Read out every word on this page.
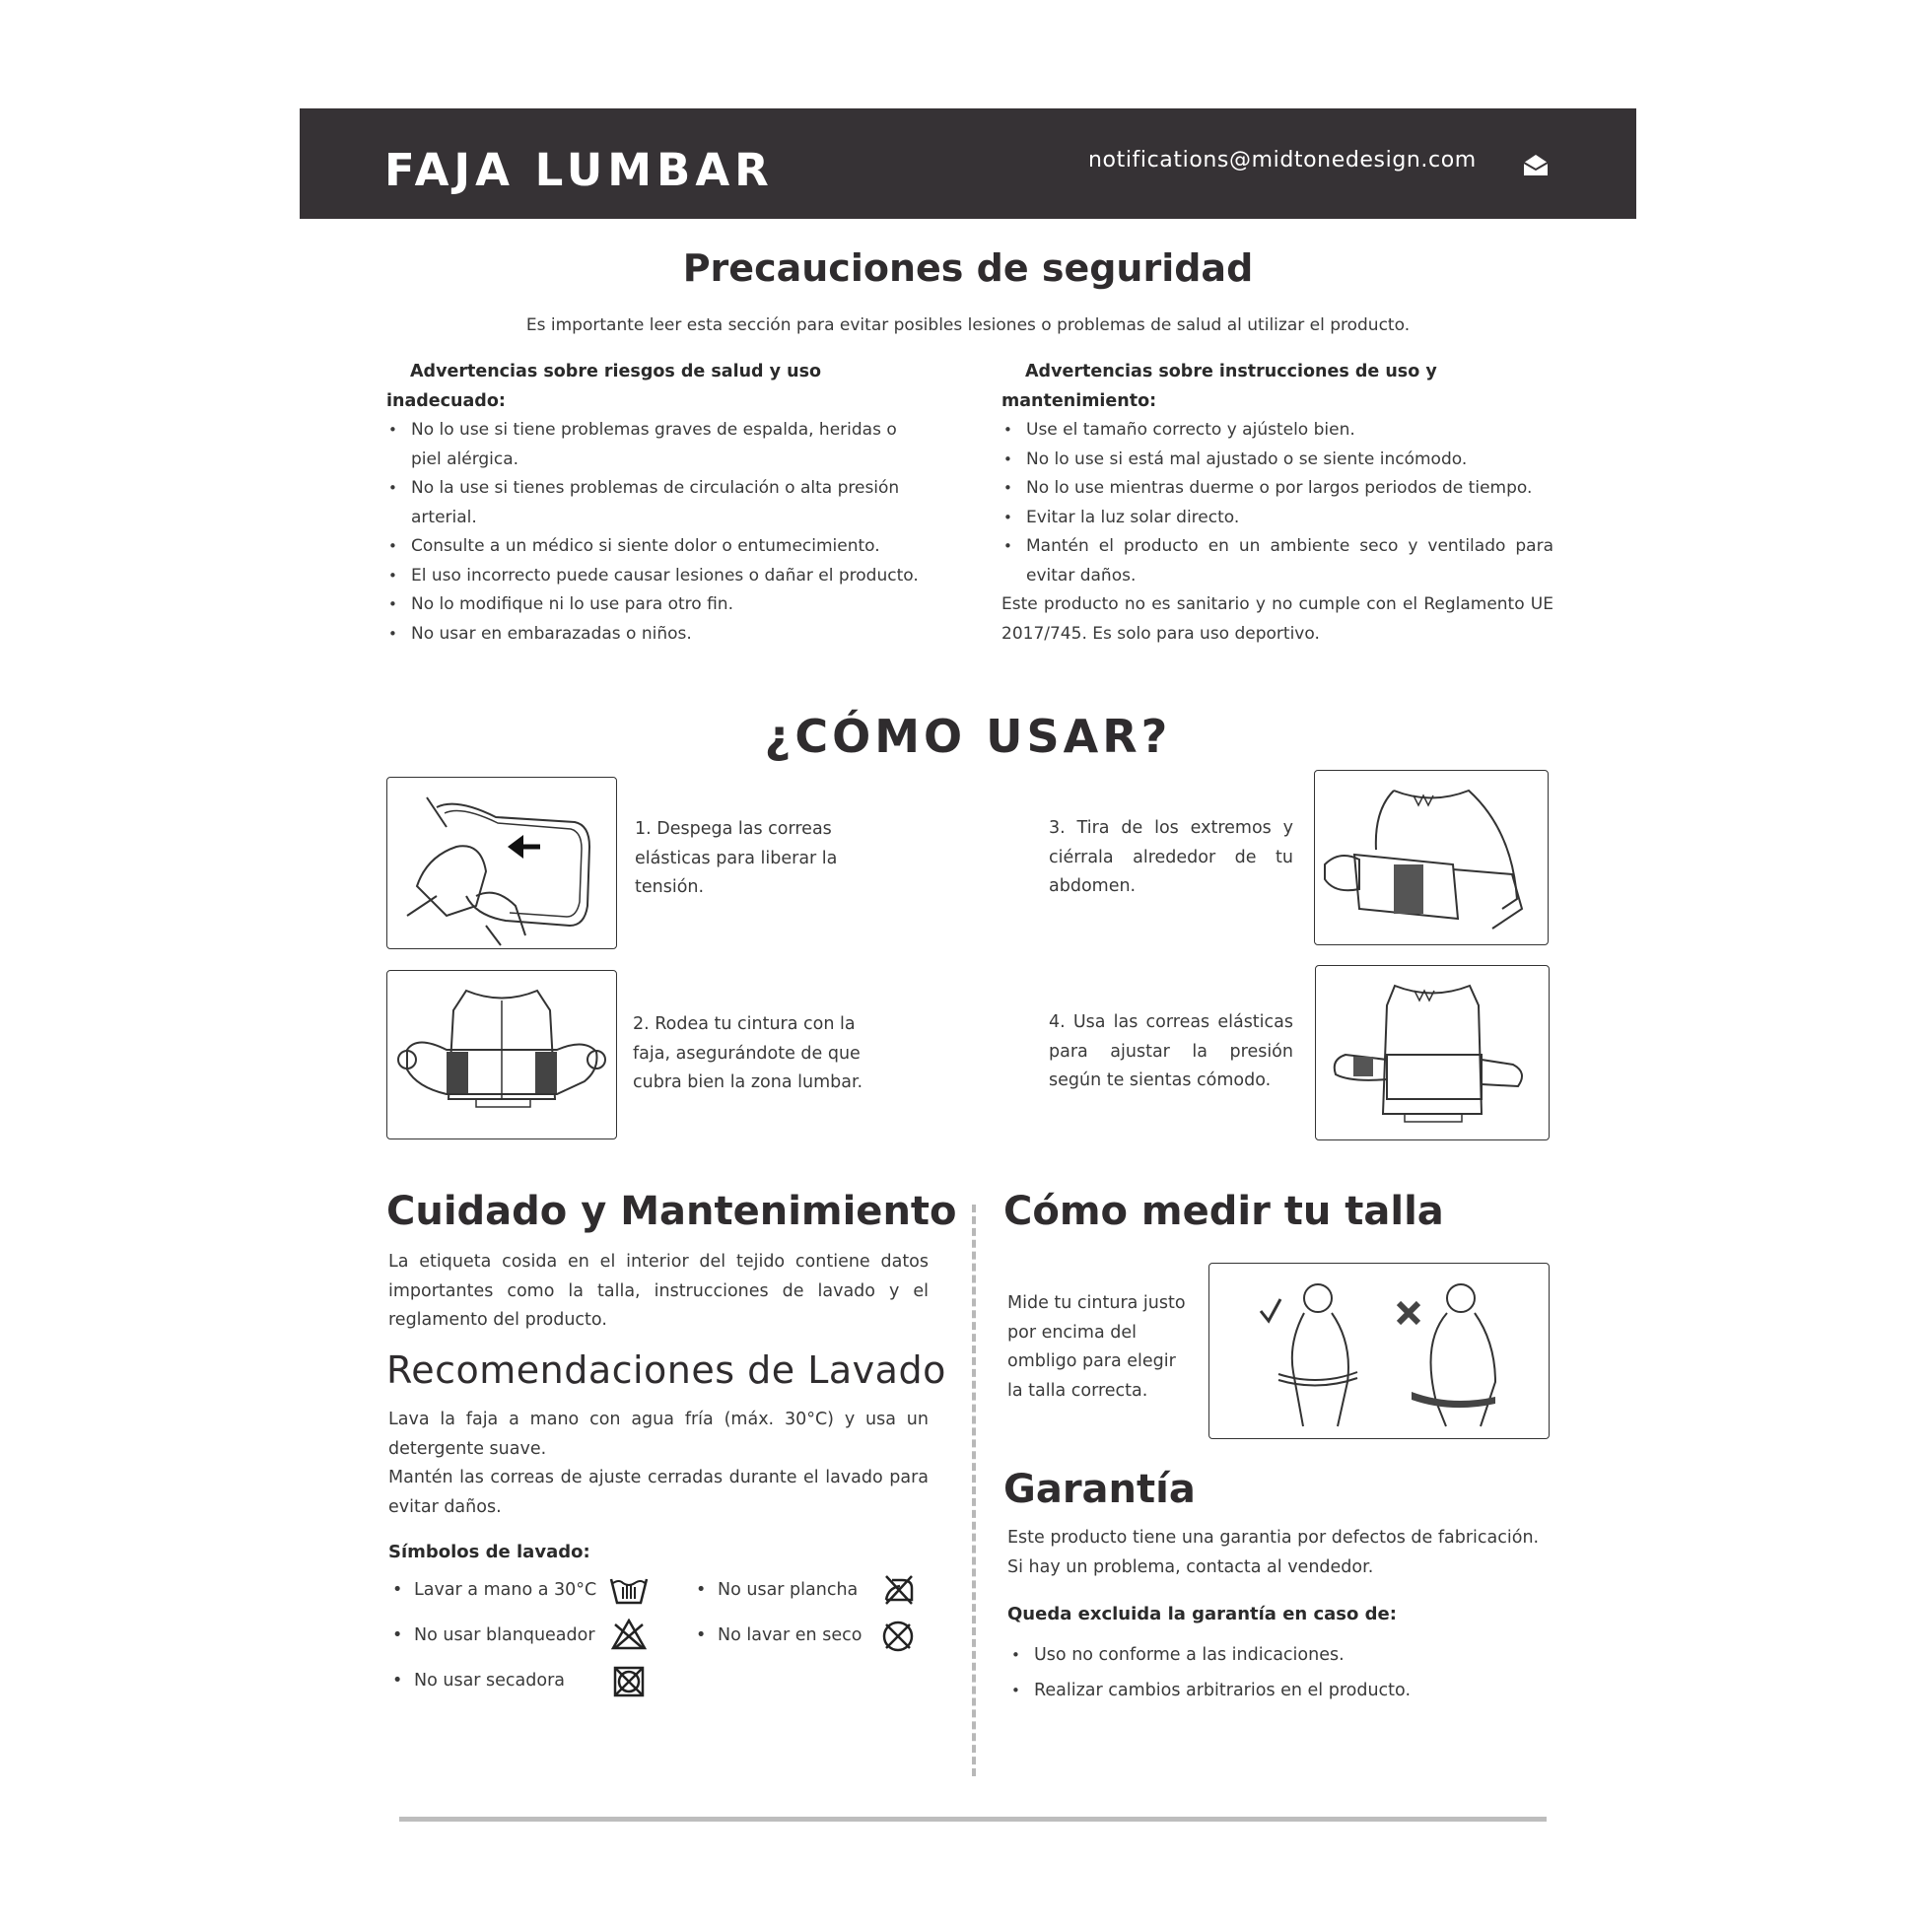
FAJA LUMBAR	notifications@midtonedesign.com
Precauciones de seguridad
Es importante leer esta sección para evitar posibles lesiones o problemas de salud al utilizar el producto.
Advertencias sobre riesgos de salud y uso inadecuado:
• No lo use si tiene problemas graves de espalda, heridas o piel alérgica.
• No la use si tienes problemas de circulación o alta presión arterial.
• Consulte a un médico si siente dolor o entumecimiento.
• El uso incorrecto puede causar lesiones o dañar el producto.
• No lo modifique ni lo use para otro fin.
• No usar en embarazadas o niños.
Advertencias sobre instrucciones de uso y mantenimiento:
• Use el tamaño correcto y ajústelo bien.
• No lo use si está mal ajustado o se siente incómodo.
• No lo use mientras duerme o por largos periodos de tiempo.
• Evitar la luz solar directo.
• Mantén el producto en un ambiente seco y ventilado para evitar daños.
Este producto no es sanitario y no cumple con el Reglamento UE 2017/745. Es solo para uso deportivo.
¿CÓMO USAR?
1. Despega las correas elásticas para liberar la tensión.
2. Rodea tu cintura con la faja, asegurándote de que cubra bien la zona lumbar.
3. Tira de los extremos y ciérrala alrededor de tu abdomen.
4. Usa las correas elásticas para ajustar la presión según te sientas cómodo.
Cuidado y Mantenimiento
La etiqueta cosida en el interior del tejido contiene datos importantes como la talla, instrucciones de lavado y el reglamento del producto.
Recomendaciones de Lavado
Lava la faja a mano con agua fría (máx. 30°C) y usa un detergente suave.
Mantén las correas de ajuste cerradas durante el lavado para evitar daños.
Símbolos de lavado:
• Lavar a mano a 30°C
• No usar blanqueador
• No usar secadora
• No usar plancha
• No lavar en seco
Cómo medir tu talla
Mide tu cintura justo por encima del ombligo para elegir la talla correcta.
Garantía
Este producto tiene una garantia por defectos de fabricación. Si hay un problema, contacta al vendedor.
Queda excluida la garantía en caso de:
• Uso no conforme a las indicaciones.
• Realizar cambios arbitrarios en el producto.
